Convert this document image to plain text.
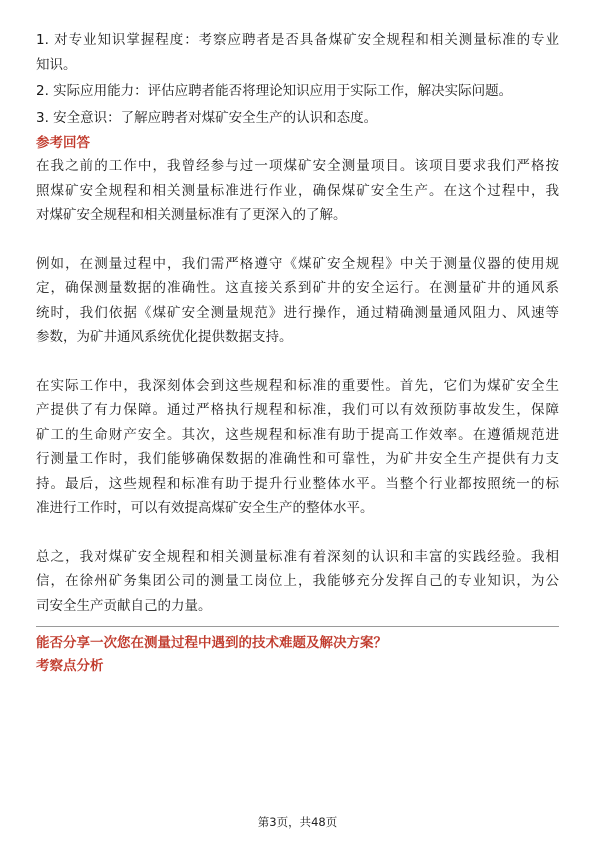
1. 对专业知识掌握程度：考察应聘者是否具备煤矿安全规程和相关测量标准的专业
知识。
2. 实际应用能力：评估应聘者能否将理论知识应用于实际工作，解决实际问题。
3. 安全意识：了解应聘者对煤矿安全生产的认识和态度。
参考回答
在我之前的工作中，我曾经参与过一项煤矿安全测量项目。该项目要求我们严格按
照煤矿安全规程和相关测量标准进行作业，确保煤矿安全生产。在这个过程中，我
对煤矿安全规程和相关测量标准有了更深入的了解。
例如，在测量过程中，我们需严格遵守《煤矿安全规程》中关于测量仪器的使用规
定，确保测量数据的准确性。这直接关系到矿井的安全运行。在测量矿井的通风系
统时，我们依据《煤矿安全测量规范》进行操作，通过精确测量通风阻力、风速等
参数，为矿井通风系统优化提供数据支持。
在实际工作中，我深刻体会到这些规程和标准的重要性。首先，它们为煤矿安全生
产提供了有力保障。通过严格执行规程和标准，我们可以有效预防事故发生，保障
矿工的生命财产安全。其次，这些规程和标准有助于提高工作效率。在遵循规范进
行测量工作时，我们能够确保数据的准确性和可靠性，为矿井安全生产提供有力支
持。最后，这些规程和标准有助于提升行业整体水平。当整个行业都按照统一的标
准进行工作时，可以有效提高煤矿安全生产的整体水平。
总之，我对煤矿安全规程和相关测量标准有着深刻的认识和丰富的实践经验。我相
信，在徐州矿务集团公司的测量工岗位上，我能够充分发挥自己的专业知识，为公
司安全生产贡献自己的力量。
能否分享一次您在测量过程中遇到的技术难题及解决方案？
考察点分析
第3页，共48页
